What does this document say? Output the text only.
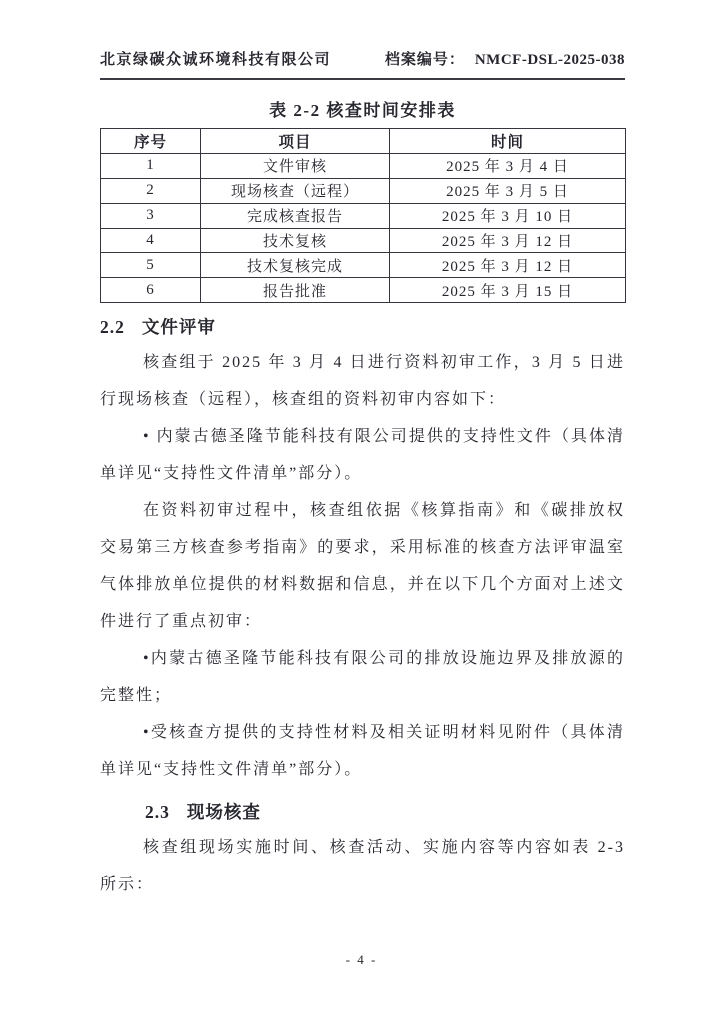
北京绿碳众诚环境科技有限公司	档案编号： NMCF-DSL-2025-038
表 2-2 核查时间安排表
序号	项目	时间
1	文件审核	2025 年 3 月 4 日
2	现场核查（远程）	2025 年 3 月 5 日
3	完成核查报告	2025 年 3 月 10 日
4	技术复核	2025 年 3 月 12 日
5	技术复核完成	2025 年 3 月 12 日
6	报告批准	2025 年 3 月 15 日
2.2 文件评审

核查组于 2025 年 3 月 4 日进行资料初审工作，3 月 5 日进行现场核查（远程），核查组的资料初审内容如下：

• 内蒙古德圣隆节能科技有限公司提供的支持性文件（具体清单详见“支持性文件清单”部分）。

在资料初审过程中，核查组依据《核算指南》和《碳排放权交易第三方核查参考指南》的要求，采用标准的核查方法评审温室气体排放单位提供的材料数据和信息，并在以下几个方面对上述文件进行了重点初审：

•内蒙古德圣隆节能科技有限公司的排放设施边界及排放源的完整性；

•受核查方提供的支持性材料及相关证明材料见附件（具体清单详见“支持性文件清单”部分）。

2.3 现场核查

核查组现场实施时间、核查活动、实施内容等内容如表 2-3 所示：

- 4 -
